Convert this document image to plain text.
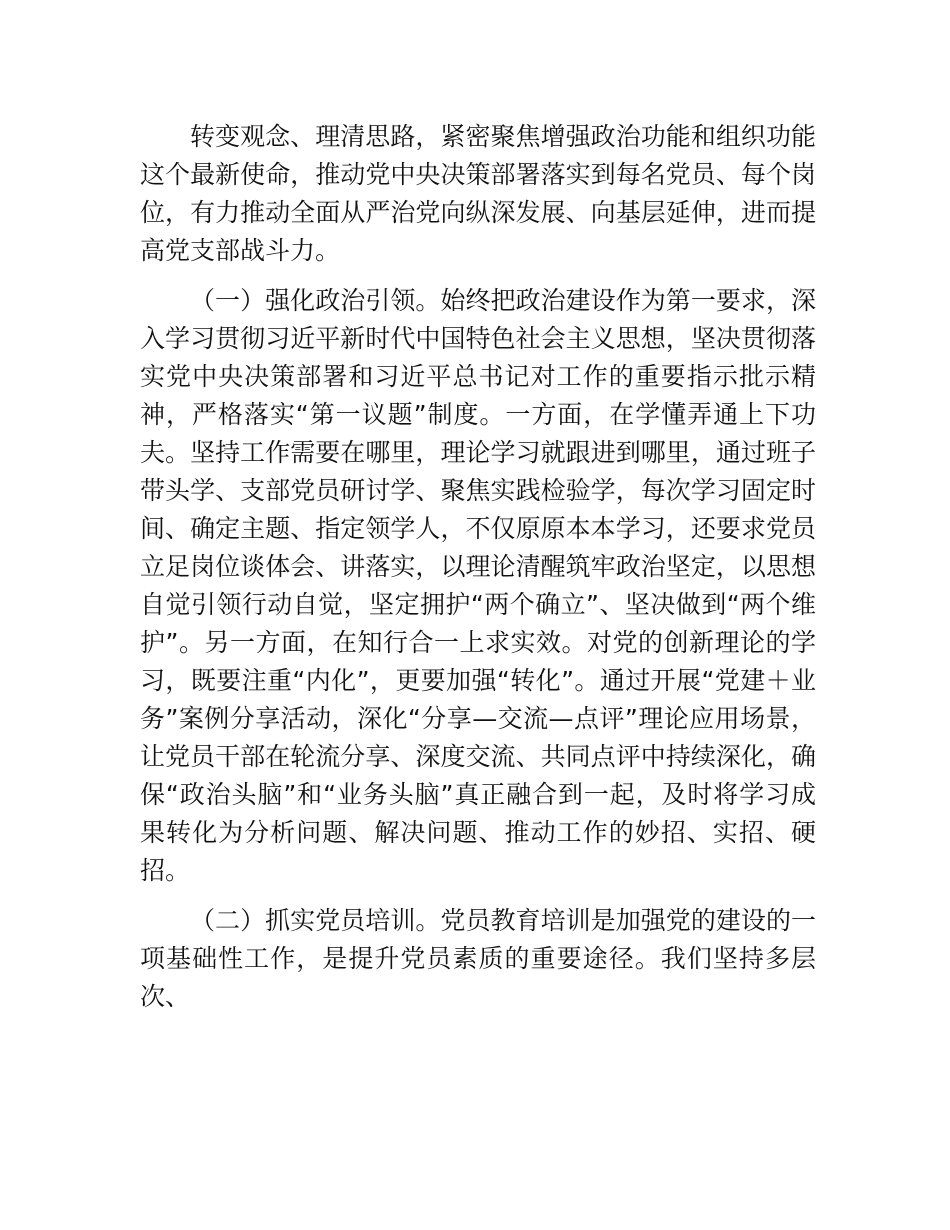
转变观念、理清思路，紧密聚焦增强政治功能和组织功能这个最新使命，推动党中央决策部署落实到每名党员、每个岗位，有力推动全面从严治党向纵深发展、向基层延伸，进而提高党支部战斗力。

（一）强化政治引领。始终把政治建设作为第一要求，深入学习贯彻习近平新时代中国特色社会主义思想，坚决贯彻落实党中央决策部署和习近平总书记对工作的重要指示批示精神，严格落实“第一议题”制度。一方面，在学懂弄通上下功夫。坚持工作需要在哪里，理论学习就跟进到哪里，通过班子带头学、支部党员研讨学、聚焦实践检验学，每次学习固定时间、确定主题、指定领学人，不仅原原本本学习，还要求党员立足岗位谈体会、讲落实，以理论清醒筑牢政治坚定，以思想自觉引领行动自觉，坚定拥护“两个确立”、坚决做到“两个维护”。另一方面，在知行合一上求实效。对党的创新理论的学习，既要注重“内化”，更要加强“转化”。通过开展“党建＋业务”案例分享活动，深化“分享—交流—点评”理论应用场景，让党员干部在轮流分享、深度交流、共同点评中持续深化，确保“政治头脑”和“业务头脑”真正融合到一起，及时将学习成果转化为分析问题、解决问题、推动工作的妙招、实招、硬招。

（二）抓实党员培训。党员教育培训是加强党的建设的一项基础性工作，是提升党员素质的重要途径。我们坚持多层次、
